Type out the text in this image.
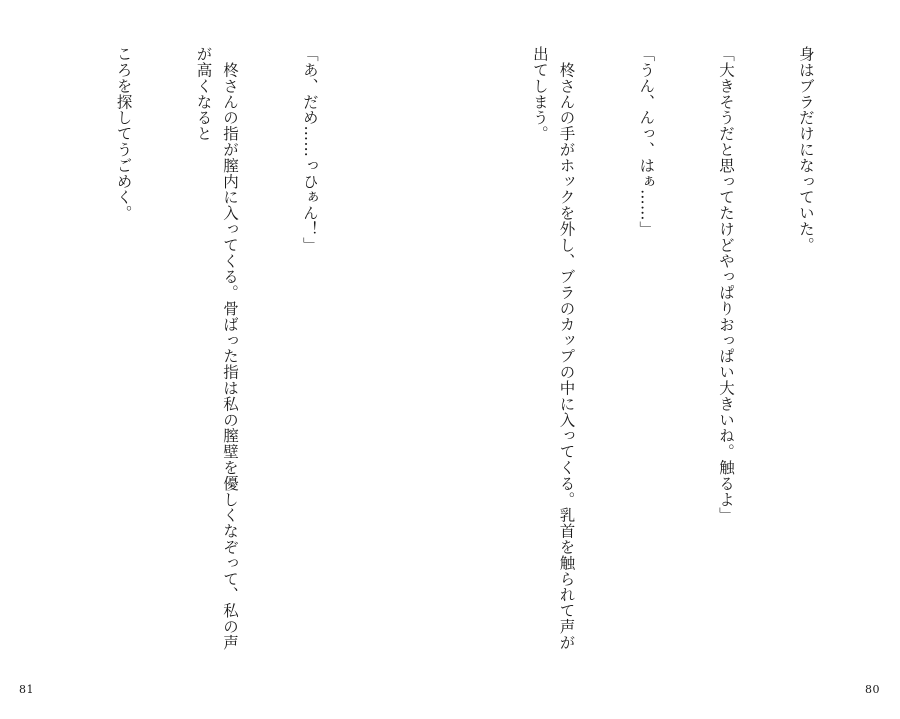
「あ、だめ……っひぁん！」

　柊さんの指が膣内に入ってくる。骨ばった指は私の膣壁を優しくなぞって、私の声が高くなると

ころを探してうごめく。

81

身はブラだけになっていた。

「大きそうだと思ってたけどやっぱりおっぱい大きいね。触るよ」

「うん、んっ、はぁ……」

　柊さんの手がホックを外し、ブラのカップの中に入ってくる。乳首を触られて声が出てしまう。

80
